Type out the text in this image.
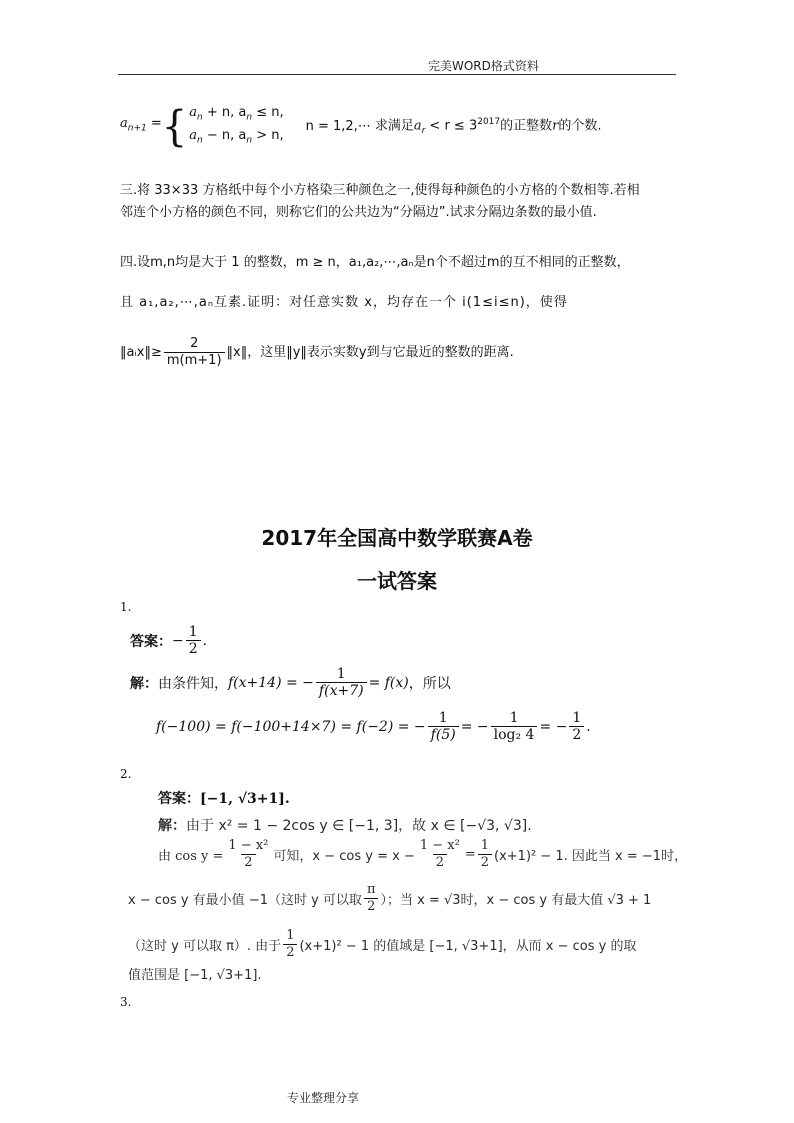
完美WORD格式资料
$a_{n+1}$ = { $a_n + n$, $a_n \le n$,
$a_n - n$, $a_n > n$,
n = 1,2,⋯ 求满足$a_r < r \le 3^{2017}$的正整数r的个数.
三.将 33×33 方格纸中每个小方格染三种颜色之一,使得每种颜色的小方格的个数相等.若相
邻连个小方格的颜色不同，则称它们的公共边为“分隔边”.试求分隔边条数的最小值.
四.设m,n均是大于 1 的整数，m ≥ n，a₁,a₂,⋯,aₙ是n个不超过m的互不相同的正整数，
且 a₁,a₂,⋯,aₙ互素.证明：对任意实数 x，均存在一个 i(1≤i≤n)，使得
‖aᵢx‖≥ $\frac{2}{m(m+1)}$ ‖x‖，这里‖y‖表示实数y到与它最近的整数的距离.
2017年全国高中数学联赛A卷
一试答案
1.
答案： − $\frac{1}{2}$ .
解： 由条件知， f(x+14) = − $\frac{1}{f(x+7)} = f(x)$ ，所以
f(−100) = f(−100+14×7) = f(−2) = − $\frac{1}{f(5)}$ = − $\frac{1}{\text{log₂ 4}}$ = − $\frac{1}{2}$ .
2.
答案：[−1, √3+1].
解：由于 x² = 1 − 2cos y ∈ [−1, 3]，故 x ∈ [−√3, √3].
由 $\cos y = \frac{\text{1 − x²}}{2}$ 可知，$x - \cos y = x - \frac{\text{1 − x²}}{2} = \frac{1}{2} (x+1)^2 - 1$. 因此当 x = −1时，
x − cos y 有最小值 −1（这时 y 可以取 $\frac{\pi}{2}$ ）；当 x = √3时，x − cos y 有最大值 √3 + 1
（这时 y 可以取 π）. 由于 $\frac{1}{2} (x+1)^2 - 1$ 的值域是 [−1, √3+1]，从而 x − cos y 的取
值范围是 [−1, √3+1].
3.
专业整理分享
